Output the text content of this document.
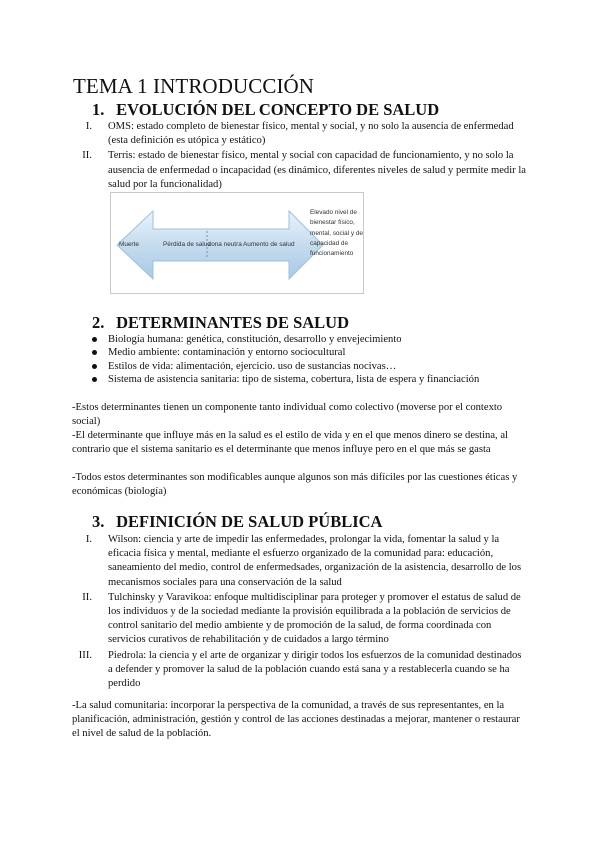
TEMA 1 INTRODUCCIÓN
1. EVOLUCIÓN DEL CONCEPTO DE SALUD
I. OMS: estado completo de bienestar físico, mental y social, y no solo la ausencia de enfermedad (esta definición es utópica y estático)
II. Terris: estado de bienestar físico, mental y social con capacidad de funcionamiento, y no solo la ausencia de enfermedad o incapacidad (es dinámico, diferentes niveles de salud y permite medir la salud por la funcionalidad)
Muerte	Pérdida de salud
zona neutra Aumento de salud
Elevado nivel de bienestar físico, mental, social y de capacidad de funcionamiento
2. DETERMINANTES DE SALUD
Biología humana: genética, constitución, desarrollo y envejecimiento
Medio ambiente: contaminación y entorno sociocultural
Estilos de vida: alimentación, ejercicio. uso de sustancias nocivas…
Sistema de asistencia sanitaria: tipo de sistema, cobertura, lista de espera y financiación

-Estos determinantes tienen un componente tanto individual como colectivo (moverse por el contexto social)

-El determinante que influye más en la salud es el estilo de vida y en el que menos dinero se destina, al contrario que el sistema sanitario es el determinante que menos influye pero en el que más se gasta

-Todos estos determinantes son modificables aunque algunos son más difíciles por las cuestiones éticas y económicas (biología)

3. DEFINICIÓN DE SALUD PÚBLICA
I. Wilson: ciencia y arte de impedir las enfermedades, prolongar la vida, fomentar la salud y la eficacia física y mental, mediante el esfuerzo organizado de la comunidad para: educación, saneamiento del medio, control de enfermedsades, organización de la asistencia, desarrollo de los mecanismos sociales para una conservación de la salud
II. Tulchinsky y Varavikoa: enfoque multidisciplinar para proteger y promover el estatus de salud de los individuos y de la sociedad mediante la provisión equilibrada a la población de servicios de control sanitario del medio ambiente y de promoción de la salud, de forma coordinada con servicios curativos de rehabilitación y de cuidados a largo término
III. Piedrola: la ciencia y el arte de organizar y dirigir todos los esfuerzos de la comunidad destinados a defender y promover la salud de la población cuando está sana y a restablecerla cuando se ha perdido

-La salud comunitaria: incorporar la perspectiva de la comunidad, a través de sus representantes, en la planificación, administración, gestión y control de las acciones destinadas a mejorar, mantener o restaurar el nivel de salud de la población.
